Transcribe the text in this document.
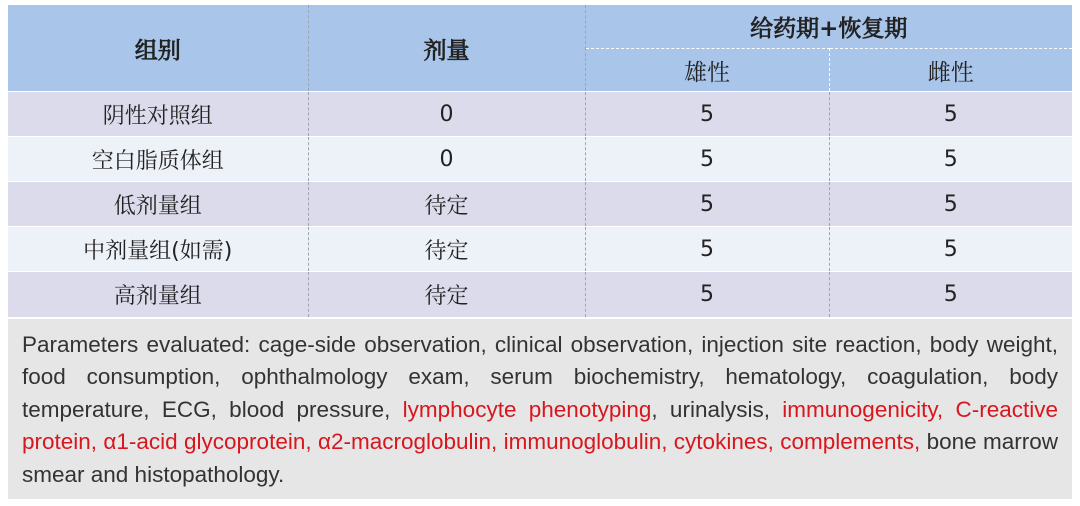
组别	剂量	给药期+恢复期	
		雄性	雌性
阴性对照组	0	5	5
空白脂质体组	0	5	5
低剂量组	待定	5	5
中剂量组(如需)	待定	5	5
高剂量组	待定	5	5
Parameters evaluated: cage-side observation, clinical observation, injection site reaction, body weight, food consumption, ophthalmology exam, serum biochemistry, hematology, coagulation, body temperature, ECG, blood pressure, lymphocyte phenotyping, urinalysis, immunogenicity, C-reactive protein, α1-acid glycoprotein, α2-macroglobulin, immunoglobulin, cytokines, complements, bone marrow smear and histopathology.
